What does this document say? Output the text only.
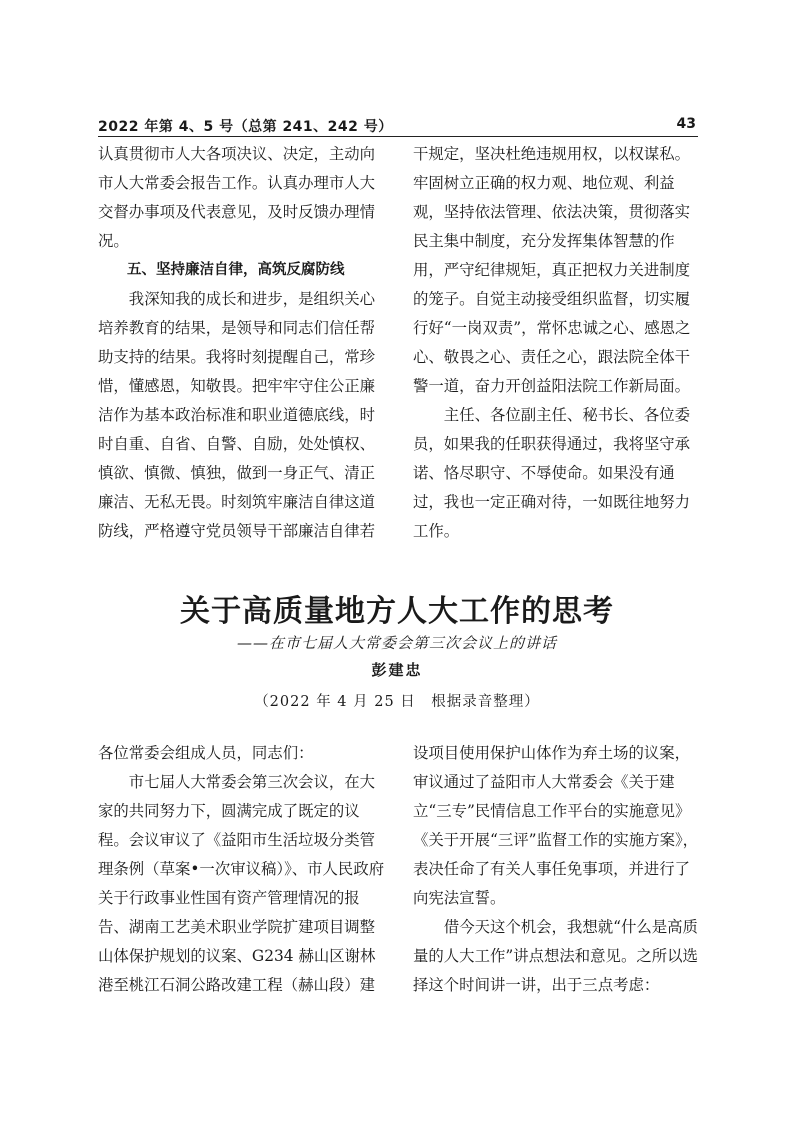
2022 年第 4、5 号（总第 241、242 号）	43

认真贯彻市人大各项决议、决定，主动向市人大常委会报告工作。认真办理市人大交督办事项及代表意见，及时反馈办理情况。

五、坚持廉洁自律，高筑反腐防线

我深知我的成长和进步，是组织关心培养教育的结果，是领导和同志们信任帮助支持的结果。我将时刻提醒自己，常珍惜，懂感恩，知敬畏。把牢牢守住公正廉洁作为基本政治标准和职业道德底线，时时自重、自省、自警、自励，处处慎权、慎欲、慎微、慎独，做到一身正气、清正廉洁、无私无畏。时刻筑牢廉洁自律这道防线，严格遵守党员领导干部廉洁自律若

干规定，坚决杜绝违规用权，以权谋私。牢固树立正确的权力观、地位观、利益观，坚持依法管理、依法决策，贯彻落实民主集中制度，充分发挥集体智慧的作用，严守纪律规矩，真正把权力关进制度的笼子。自觉主动接受组织监督，切实履行好“一岗双责”，常怀忠诚之心、感恩之心、敬畏之心、责任之心，跟法院全体干警一道，奋力开创益阳法院工作新局面。

主任、各位副主任、秘书长、各位委员，如果我的任职获得通过，我将坚守承诺、恪尽职守、不辱使命。如果没有通过，我也一定正确对待，一如既往地努力工作。

关于高质量地方人大工作的思考
——在市七届人大常委会第三次会议上的讲话
彭建忠
（2022 年 4 月 25 日　根据录音整理）

各位常委会组成人员，同志们：

市七届人大常委会第三次会议，在大家的共同努力下，圆满完成了既定的议程。会议审议了《益阳市生活垃圾分类管理条例（草案•一次审议稿）》、市人民政府关于行政事业性国有资产管理情况的报告、湖南工艺美术职业学院扩建项目调整山体保护规划的议案、G234 赫山区谢林港至桃江石洞公路改建工程（赫山段）建

设项目使用保护山体作为弃土场的议案，审议通过了益阳市人大常委会《关于建立“三专”民情信息工作平台的实施意见》《关于开展“三评”监督工作的实施方案》，表决任命了有关人事任免事项，并进行了向宪法宣誓。

借今天这个机会，我想就“什么是高质量的人大工作”讲点想法和意见。之所以选择这个时间讲一讲，出于三点考虑：
